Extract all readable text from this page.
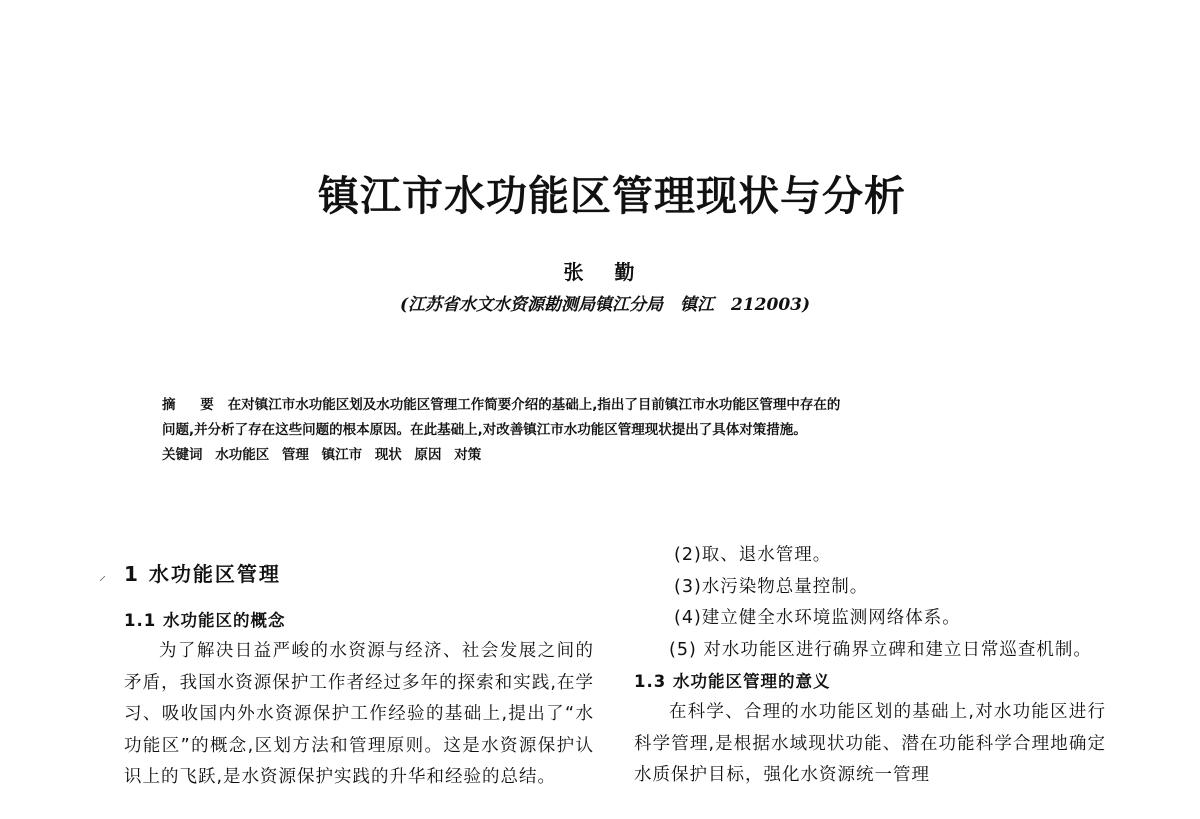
镇江市水功能区管理现状与分析
张 勤
(江苏省水文水资源勘测局镇江分局　镇江　212003)

摘 要 在对镇江市水功能区划及水功能区管理工作简要介绍的基础上,指出了目前镇江市水功能区管理中存在的

问题,并分析了存在这些问题的根本原因。在此基础上,对改善镇江市水功能区管理现状提出了具体对策措施。

关键词 水功能区 管理 镇江市 现状 原因 对策

⸝ 1 水功能区管理
1.1 水功能区的概念

为了解决日益严峻的水资源与经济、社会发展之间的矛盾，我国水资源保护工作者经过多年的探索和实践,在学习、吸收国内外水资源保护工作经验的基础上,提出了“水功能区”的概念,区划方法和管理原则。这是水资源保护认识上的飞跃,是水资源保护实践的升华和经验的总结。

(2)取、退水管理。

(3)水污染物总量控制。

(4)建立健全水环境监测网络体系。

(5) 对水功能区进行确界立碑和建立日常巡查机制。

1.3 水功能区管理的意义

在科学、合理的水功能区划的基础上,对水功能区进行科学管理,是根据水域现状功能、潜在功能科学合理地确定水质保护目标，强化水资源统一管理
